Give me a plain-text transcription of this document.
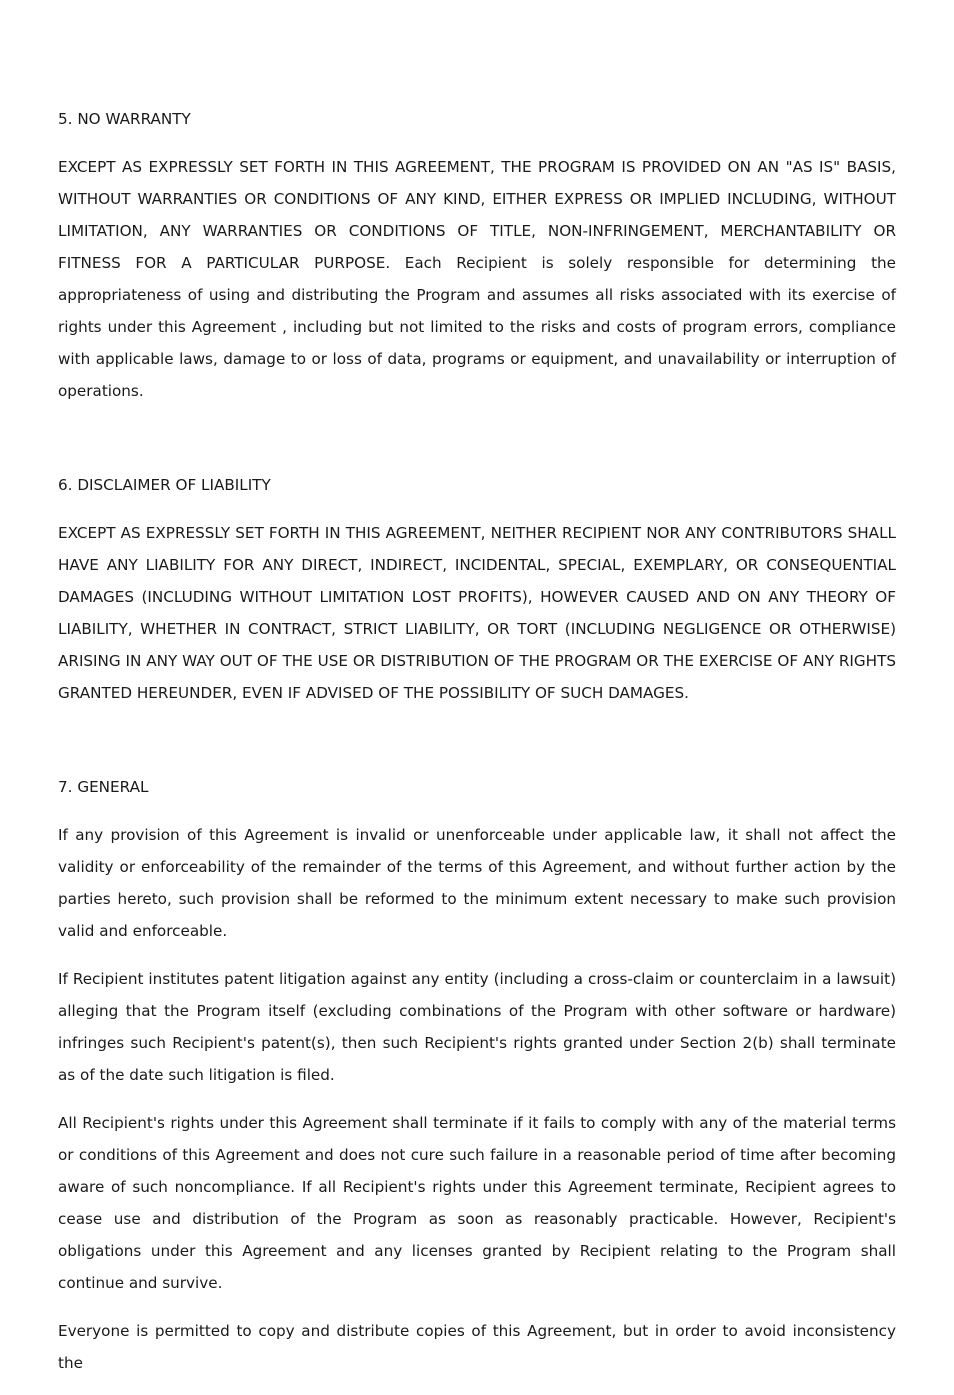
5. NO WARRANTY

EXCEPT AS EXPRESSLY SET FORTH IN THIS AGREEMENT, THE PROGRAM IS PROVIDED ON AN "AS IS" BASIS, WITHOUT WARRANTIES OR CONDITIONS OF ANY KIND, EITHER EXPRESS OR IMPLIED INCLUDING, WITHOUT LIMITATION, ANY WARRANTIES OR CONDITIONS OF TITLE, NON-INFRINGEMENT, MERCHANTABILITY OR FITNESS FOR A PARTICULAR PURPOSE. Each Recipient is solely responsible for determining the appropriateness of using and distributing the Program and assumes all risks associated with its exercise of rights under this Agreement , including but not limited to the risks and costs of program errors, compliance with applicable laws, damage to or loss of data, programs or equipment, and unavailability or interruption of operations.

6. DISCLAIMER OF LIABILITY

EXCEPT AS EXPRESSLY SET FORTH IN THIS AGREEMENT, NEITHER RECIPIENT NOR ANY CONTRIBUTORS SHALL HAVE ANY LIABILITY FOR ANY DIRECT, INDIRECT, INCIDENTAL, SPECIAL, EXEMPLARY, OR CONSEQUENTIAL DAMAGES (INCLUDING WITHOUT LIMITATION LOST PROFITS), HOWEVER CAUSED AND ON ANY THEORY OF LIABILITY, WHETHER IN CONTRACT, STRICT LIABILITY, OR TORT (INCLUDING NEGLIGENCE OR OTHERWISE) ARISING IN ANY WAY OUT OF THE USE OR DISTRIBUTION OF THE PROGRAM OR THE EXERCISE OF ANY RIGHTS GRANTED HEREUNDER, EVEN IF ADVISED OF THE POSSIBILITY OF SUCH DAMAGES.

7. GENERAL

If any provision of this Agreement is invalid or unenforceable under applicable law, it shall not affect the validity or enforceability of the remainder of the terms of this Agreement, and without further action by the parties hereto, such provision shall be reformed to the minimum extent necessary to make such provision valid and enforceable.

If Recipient institutes patent litigation against any entity (including a cross-claim or counterclaim in a lawsuit) alleging that the Program itself (excluding combinations of the Program with other software or hardware) infringes such Recipient's patent(s), then such Recipient's rights granted under Section 2(b) shall terminate as of the date such litigation is filed.

All Recipient's rights under this Agreement shall terminate if it fails to comply with any of the material terms or conditions of this Agreement and does not cure such failure in a reasonable period of time after becoming aware of such noncompliance. If all Recipient's rights under this Agreement terminate, Recipient agrees to cease use and distribution of the Program as soon as reasonably practicable. However, Recipient's obligations under this Agreement and any licenses granted by Recipient relating to the Program shall continue and survive.

Everyone is permitted to copy and distribute copies of this Agreement, but in order to avoid inconsistency the
